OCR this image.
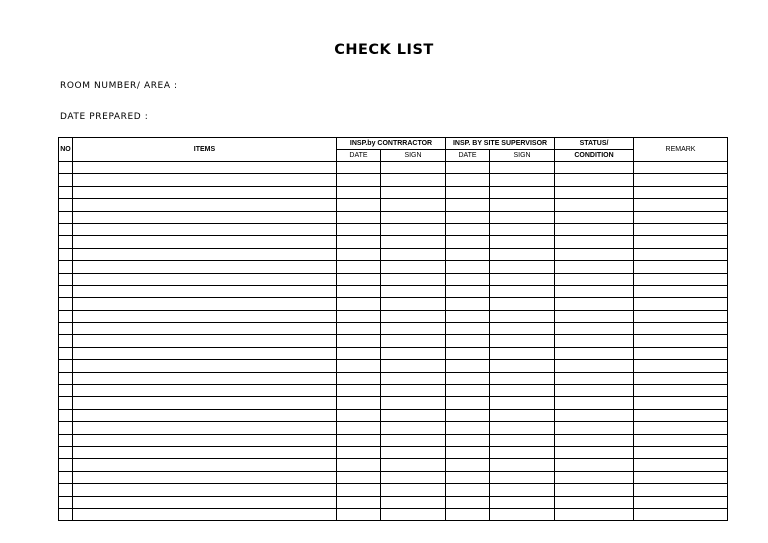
CHECK LIST
ROOM NUMBER/ AREA :
DATE PREPARED :
NO	ITEMS	INSP.by CONTRRACTOR		INSP. BY SITE SUPERVISOR		STATUS/	REMARK
		DATE	SIGN	DATE	SIGN	CONDITION	
